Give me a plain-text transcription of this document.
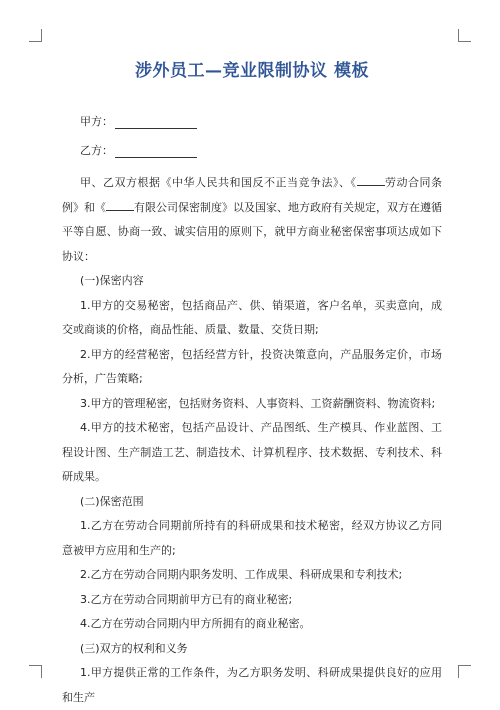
涉外员工—竞业限制协议 模板
甲方：
乙方：

甲、乙双方根据《中华人民共和国反不正当竞争法》、《	劳动合同条例》和《	有限公司保密制度》以及国家、地方政府有关规定，双方在遵循平等自愿、协商一致、诚实信用的原则下，就甲方商业秘密保密事项达成如下协议：

(一)保密内容

1.甲方的交易秘密，包括商品产、供、销渠道，客户名单，买卖意向，成交或商谈的价格，商品性能、质量、数量、交货日期;

2.甲方的经营秘密，包括经营方针，投资决策意向，产品服务定价，市场分析，广告策略;

3.甲方的管理秘密，包括财务资料、人事资料、工资薪酬资料、物流资料;

4.甲方的技术秘密，包括产品设计、产品图纸、生产模具、作业蓝图、工程设计图、生产制造工艺、制造技术、计算机程序、技术数据、专利技术、科研成果。

(二)保密范围

1.乙方在劳动合同期前所持有的科研成果和技术秘密，经双方协议乙方同意被甲方应用和生产的;

2.乙方在劳动合同期内职务发明、工作成果、科研成果和专利技术;

3.乙方在劳动合同期前甲方已有的商业秘密;

4.乙方在劳动合同期内甲方所拥有的商业秘密。

(三)双方的权利和义务

1.甲方提供正常的工作条件，为乙方职务发明、科研成果提供良好的应用和生产
